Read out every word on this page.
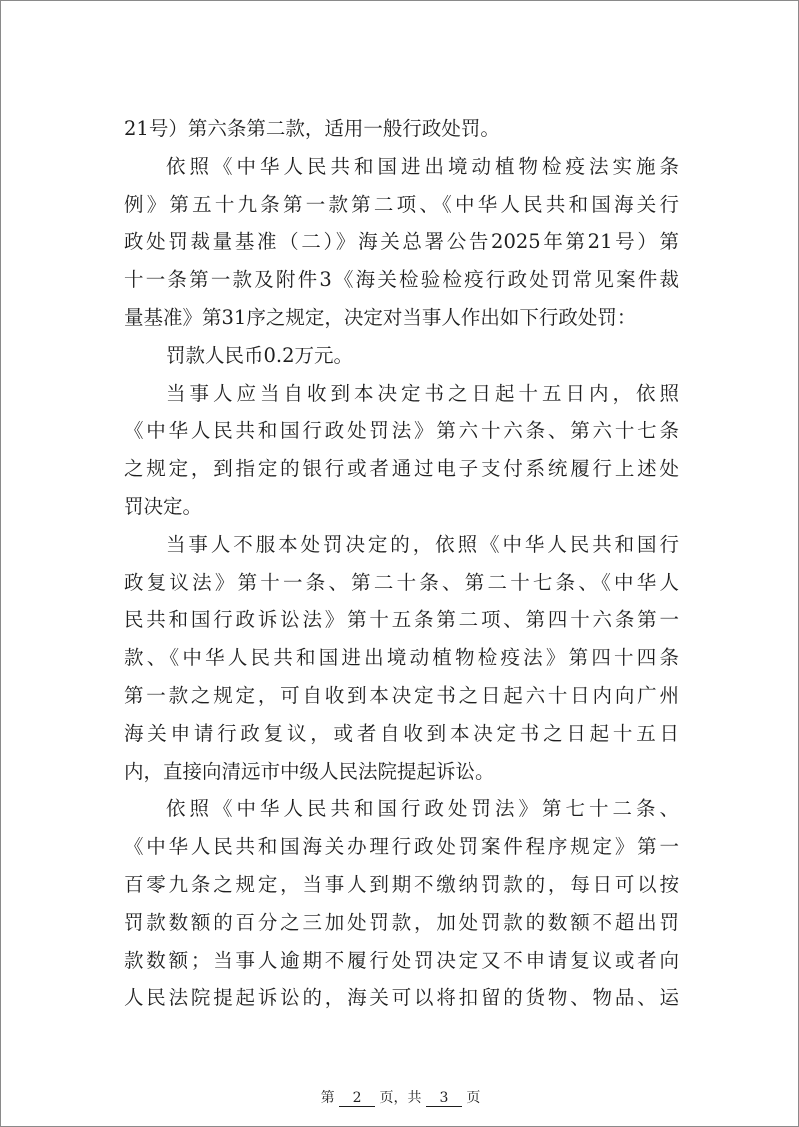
21号）第六条第二款，适用一般行政处罚。
依照《中华人民共和国进出境动植物检疫法实施条
例》第五十九条第一款第二项、《中华人民共和国海关行
政处罚裁量基准（二）》海关总署公告2025年第21号）第
十一条第一款及附件3《海关检验检疫行政处罚常见案件裁
量基准》第31序之规定，决定对当事人作出如下行政处罚：
罚款人民币0.2万元。
当事人应当自收到本决定书之日起十五日内，依照
《中华人民共和国行政处罚法》第六十六条、第六十七条
之规定，到指定的银行或者通过电子支付系统履行上述处
罚决定。
当事人不服本处罚决定的，依照《中华人民共和国行
政复议法》第十一条、第二十条、第二十七条、《中华人
民共和国行政诉讼法》第十五条第二项、第四十六条第一
款、《中华人民共和国进出境动植物检疫法》第四十四条
第一款之规定，可自收到本决定书之日起六十日内向广州
海关申请行政复议，或者自收到本决定书之日起十五日
内，直接向清远市中级人民法院提起诉讼。
依照《中华人民共和国行政处罚法》第七十二条、
《中华人民共和国海关办理行政处罚案件程序规定》第一
百零九条之规定，当事人到期不缴纳罚款的，每日可以按
罚款数额的百分之三加处罚款，加处罚款的数额不超出罚
款数额；当事人逾期不履行处罚决定又不申请复议或者向
人民法院提起诉讼的，海关可以将扣留的货物、物品、运
第 2 页，共 3 页
